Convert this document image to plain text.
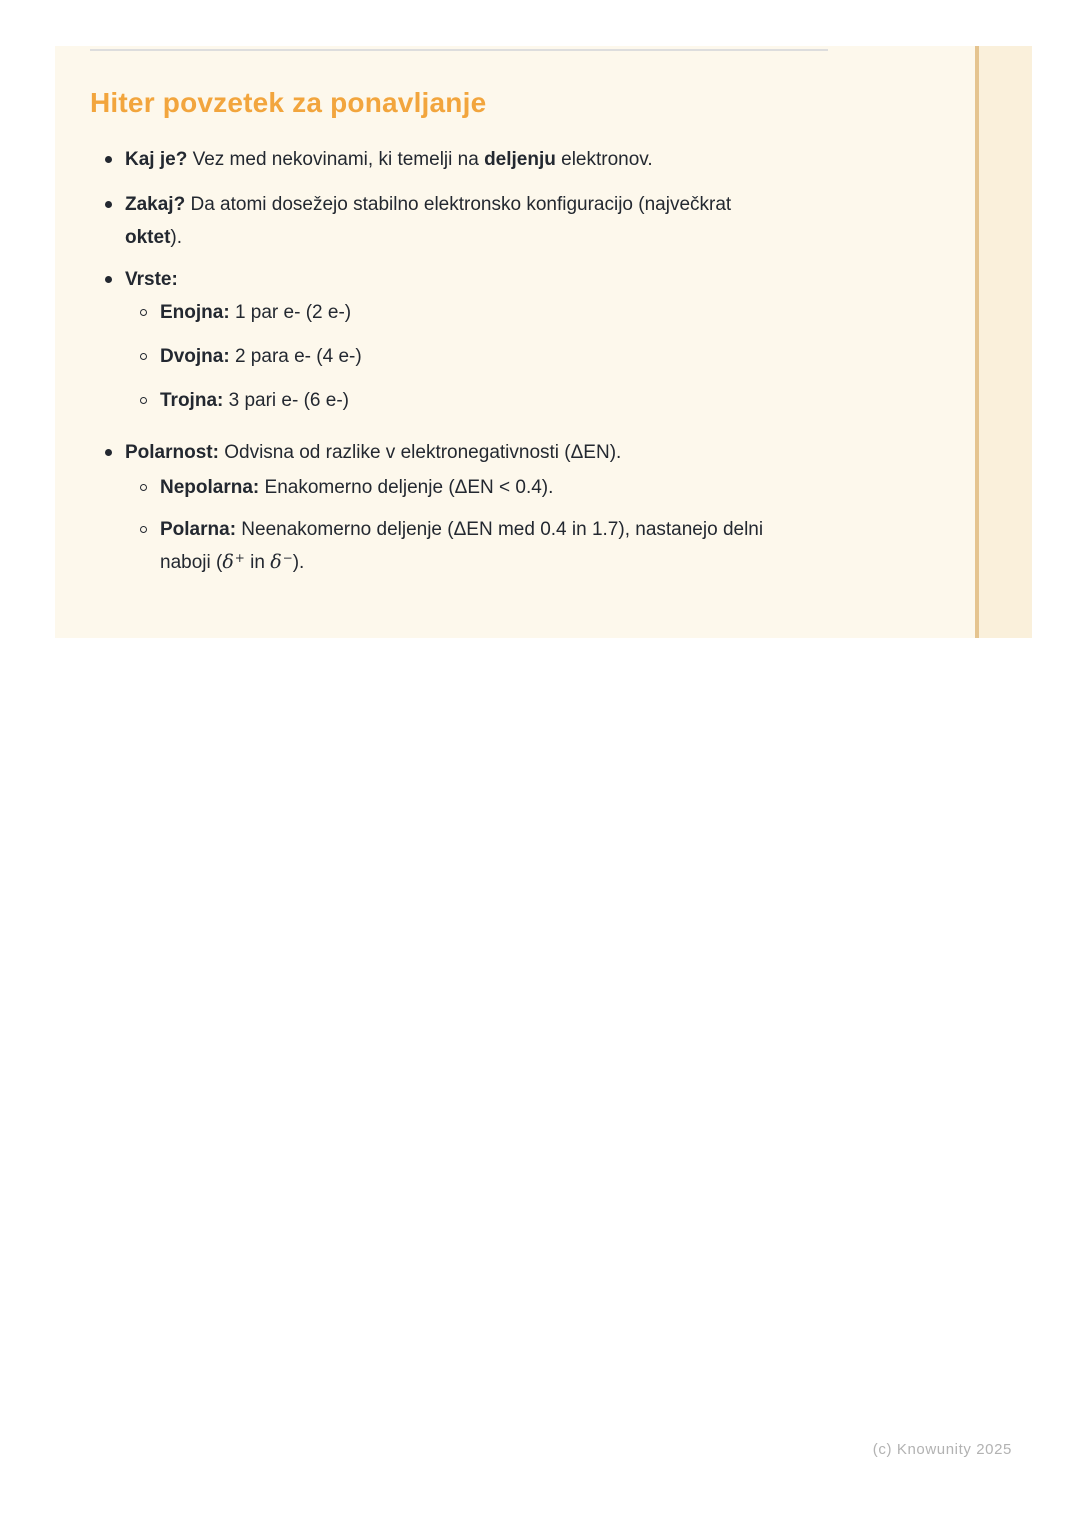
Hiter povzetek za ponavljanje
Kaj je? Vez med nekovinami, ki temelji na deljenju elektronov.
Zakaj? Da atomi dosežejo stabilno elektronsko konfiguracijo (največkrat
oktet).
Vrste:
Enojna: 1 par e- (2 e-)
Dvojna: 2 para e- (4 e-)
Trojna: 3 pari e- (6 e-)
Polarnost: Odvisna od razlike v elektronegativnosti (ΔEN).
Nepolarna: Enakomerno deljenje (ΔEN < 0.4).
Polarna: Neenakomerno deljenje (ΔEN med 0.4 in 1.7), nastanejo delni
naboji (δ+ in δ−).
(c) Knowunity 2025
